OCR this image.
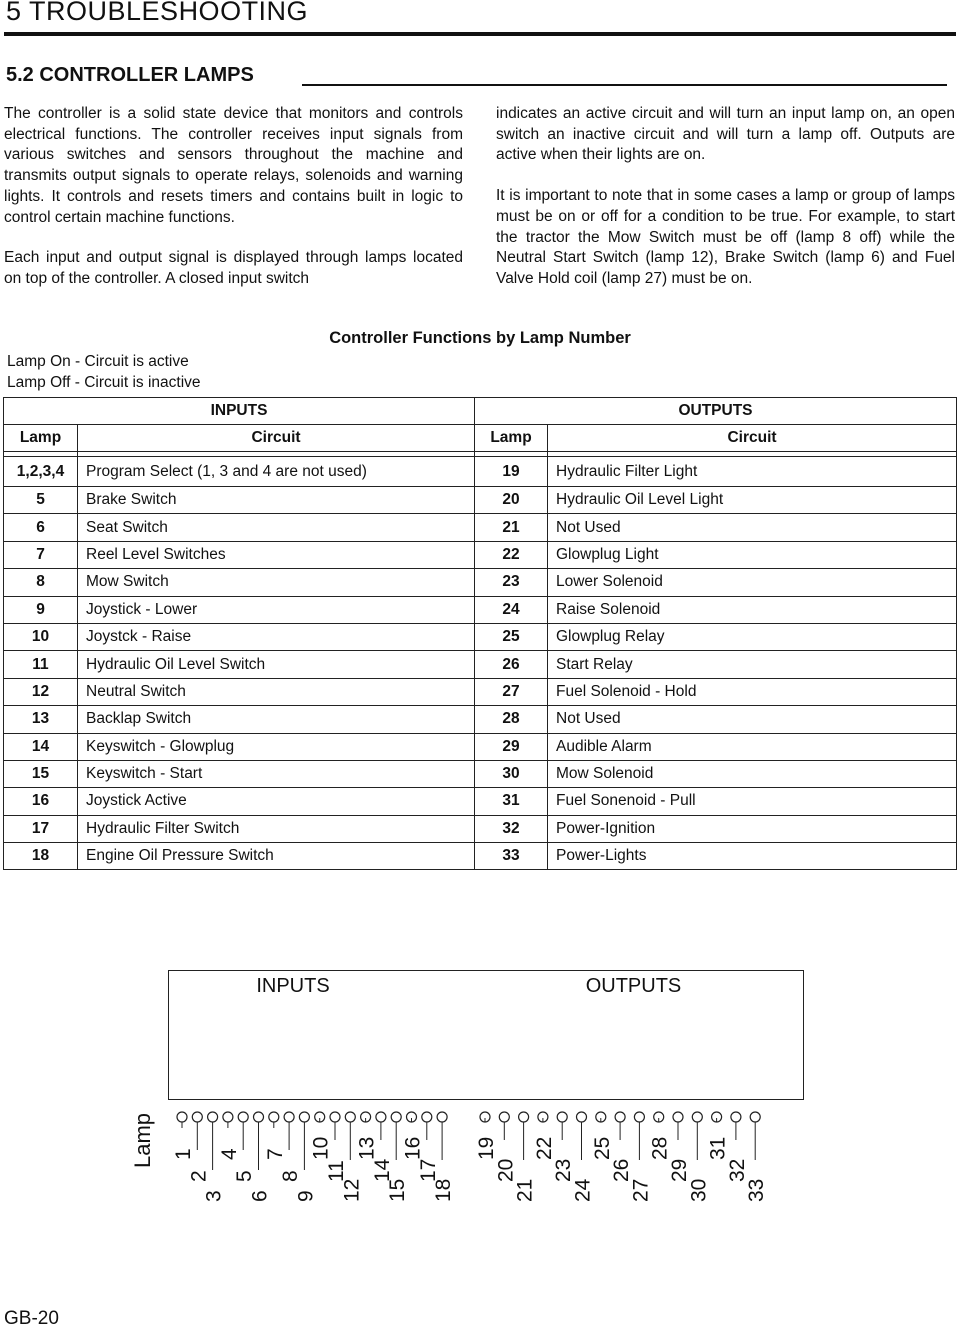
5 TROUBLESHOOTING
5.2 CONTROLLER LAMPS

The controller is a solid state device that monitors and controls electrical functions. The controller receives input signals from various switches and sensors throughout the machine and transmits output signals to operate relays, solenoids and warning lights. It controls and resets timers and contains built in logic to control certain machine functions.

Each input and output signal is displayed through lamps located on top of the controller. A closed input switch

indicates an active circuit and will turn an input lamp on, an open switch an inactive circuit and will turn a lamp off. Outputs are active when their lights are on.

It is important to note that in some cases a lamp or group of lamps must be on or off for a condition to be true. For example, to start the tractor the Mow Switch must be off (lamp 8 off) while the Neutral Start Switch (lamp 12), Brake Switch (lamp 6) and Fuel Valve Hold coil (lamp 27) must be on.

Controller Functions by Lamp Number
Lamp On - Circuit is active
Lamp Off - Circuit is inactive
INPUTS		OUTPUTS	
Lamp	Circuit	Lamp	Circuit

1,2,3,4	Program Select (1, 3 and 4 are not used)	19	Hydraulic Filter Light
5	Brake Switch	20	Hydraulic Oil Level Light
6	Seat Switch	21	Not Used
7	Reel Level Switches	22	Glowplug Light
8	Mow Switch	23	Lower Solenoid
9	Joystick - Lower	24	Raise Solenoid
10	Joystck - Raise	25	Glowplug Relay
11	Hydraulic Oil Level Switch	26	Start Relay
12	Neutral Switch	27	Fuel Solenoid - Hold
13	Backlap Switch	28	Not Used
14	Keyswitch - Glowplug	29	Audible Alarm
15	Keyswitch - Start	30	Mow Solenoid
16	Joystick Active	31	Fuel Sonenoid - Pull
17	Hydraulic Filter Switch	32	Power-Ignition
18	Engine Oil Pressure Switch	33	Power-Lights
INPUTS	OUTPUTS
Lamp 1
2
3
4
5
6
7
8
9
10
11
12
13
14
15
16
17
18
19
20
21
22
23
24
25
26
27
28
29
30
31
32
33
GB-20
